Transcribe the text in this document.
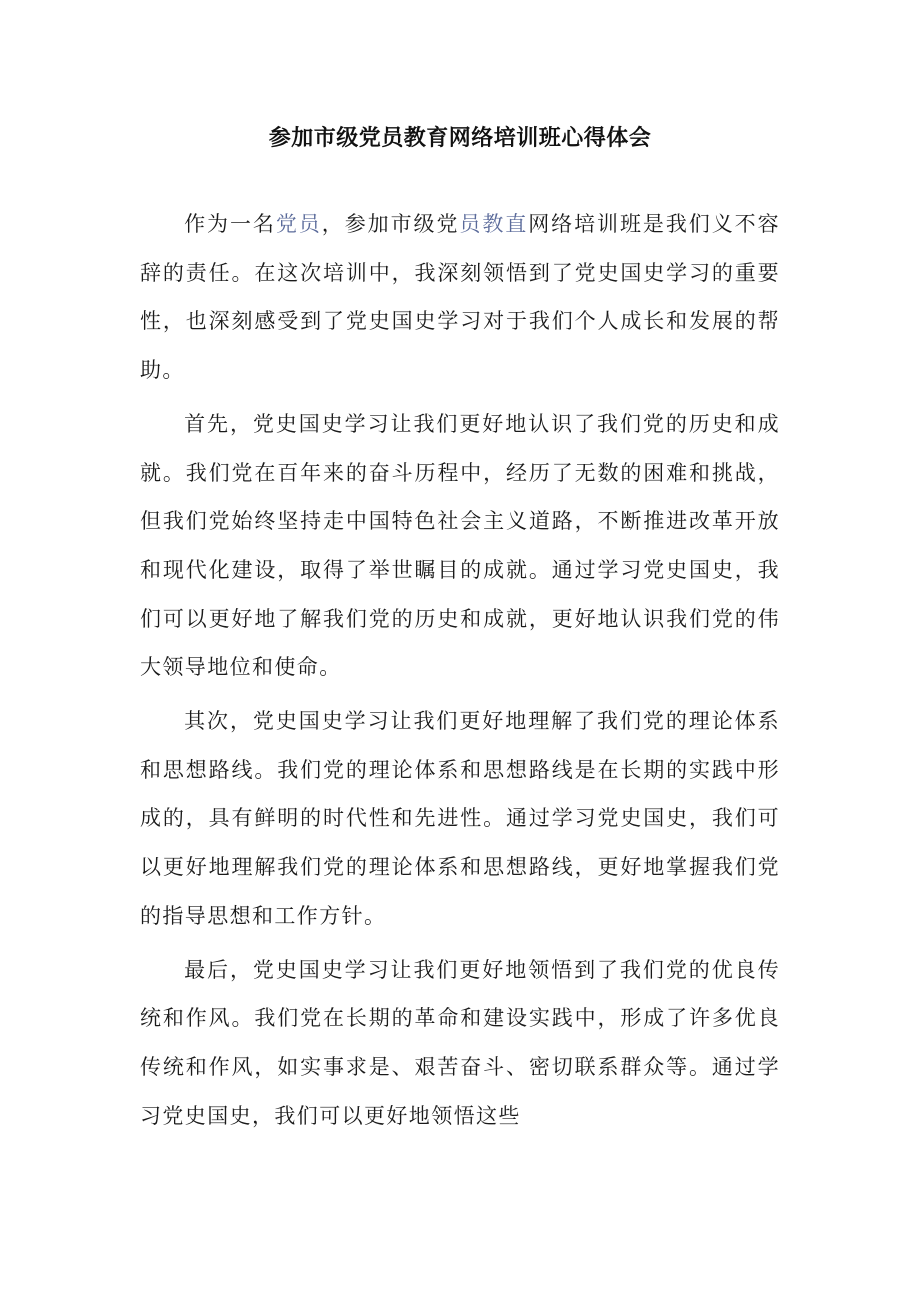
参加市级党员教育网络培训班心得体会

作为一名党员，参加市级党员教直网络培训班是我们义不容辞的责任。在这次培训中，我深刻领悟到了党史国史学习的重要性，也深刻感受到了党史国史学习对于我们个人成长和发展的帮助。

首先，党史国史学习让我们更好地认识了我们党的历史和成就。我们党在百年来的奋斗历程中，经历了无数的困难和挑战，但我们党始终坚持走中国特色社会主义道路，不断推进改革开放和现代化建设，取得了举世瞩目的成就。通过学习党史国史，我们可以更好地了解我们党的历史和成就，更好地认识我们党的伟大领导地位和使命。

其次，党史国史学习让我们更好地理解了我们党的理论体系和思想路线。我们党的理论体系和思想路线是在长期的实践中形成的，具有鲜明的时代性和先进性。通过学习党史国史，我们可以更好地理解我们党的理论体系和思想路线，更好地掌握我们党的指导思想和工作方针。

最后，党史国史学习让我们更好地领悟到了我们党的优良传统和作风。我们党在长期的革命和建设实践中，形成了许多优良传统和作风，如实事求是、艰苦奋斗、密切联系群众等。通过学习党史国史，我们可以更好地领悟这些
